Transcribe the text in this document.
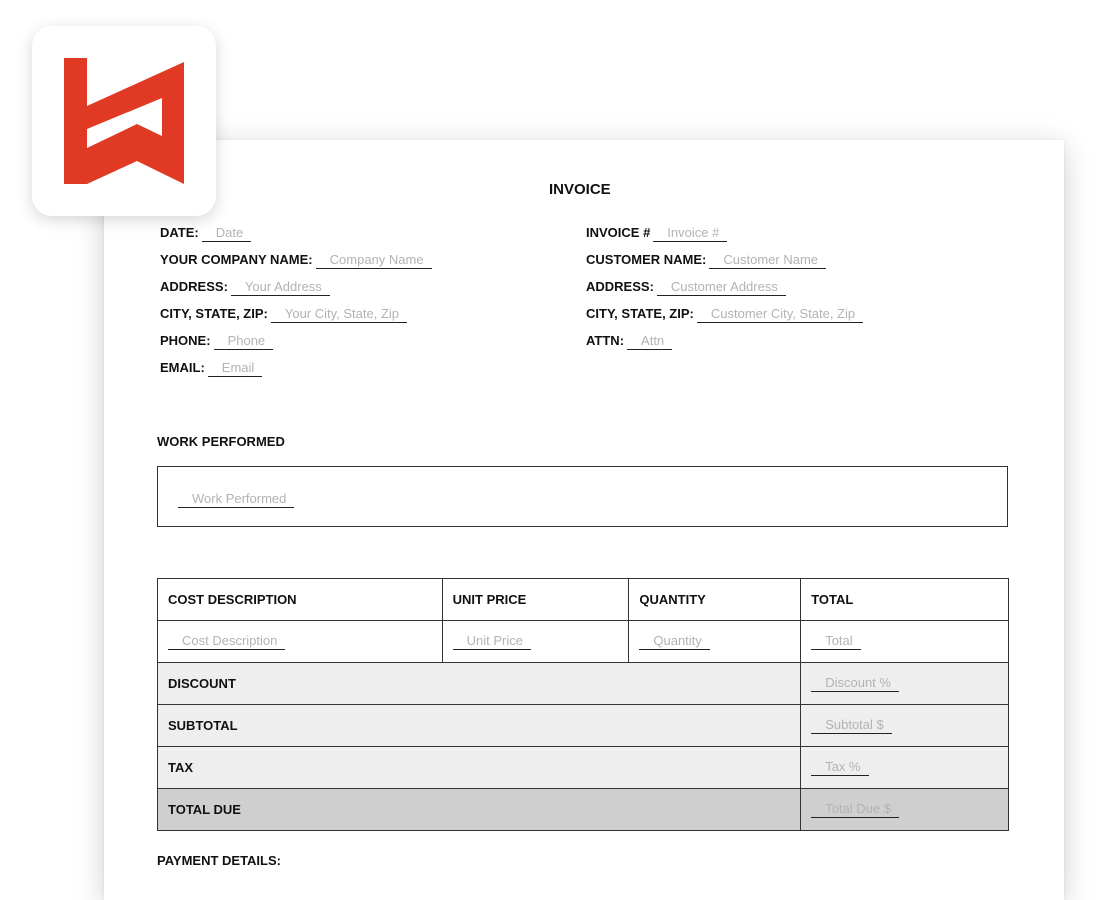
INVOICE
DATE: Date
YOUR COMPANY NAME: Company Name
ADDRESS: Your Address
CITY, STATE, ZIP: Your City, State, Zip
PHONE: Phone
EMAIL: Email
INVOICE # Invoice #
CUSTOMER NAME: Customer Name
ADDRESS: Customer Address
CITY, STATE, ZIP: Customer City, State, Zip
ATTN: Attn
WORK PERFORMED
Work Performed
COST DESCRIPTION	UNIT PRICE	QUANTITY	TOTAL
Cost Description	Unit Price	Quantity	Total
DISCOUNT			Discount %
SUBTOTAL			Subtotal $
TAX			Tax %
TOTAL DUE			Total Due $
PAYMENT DETAILS:
